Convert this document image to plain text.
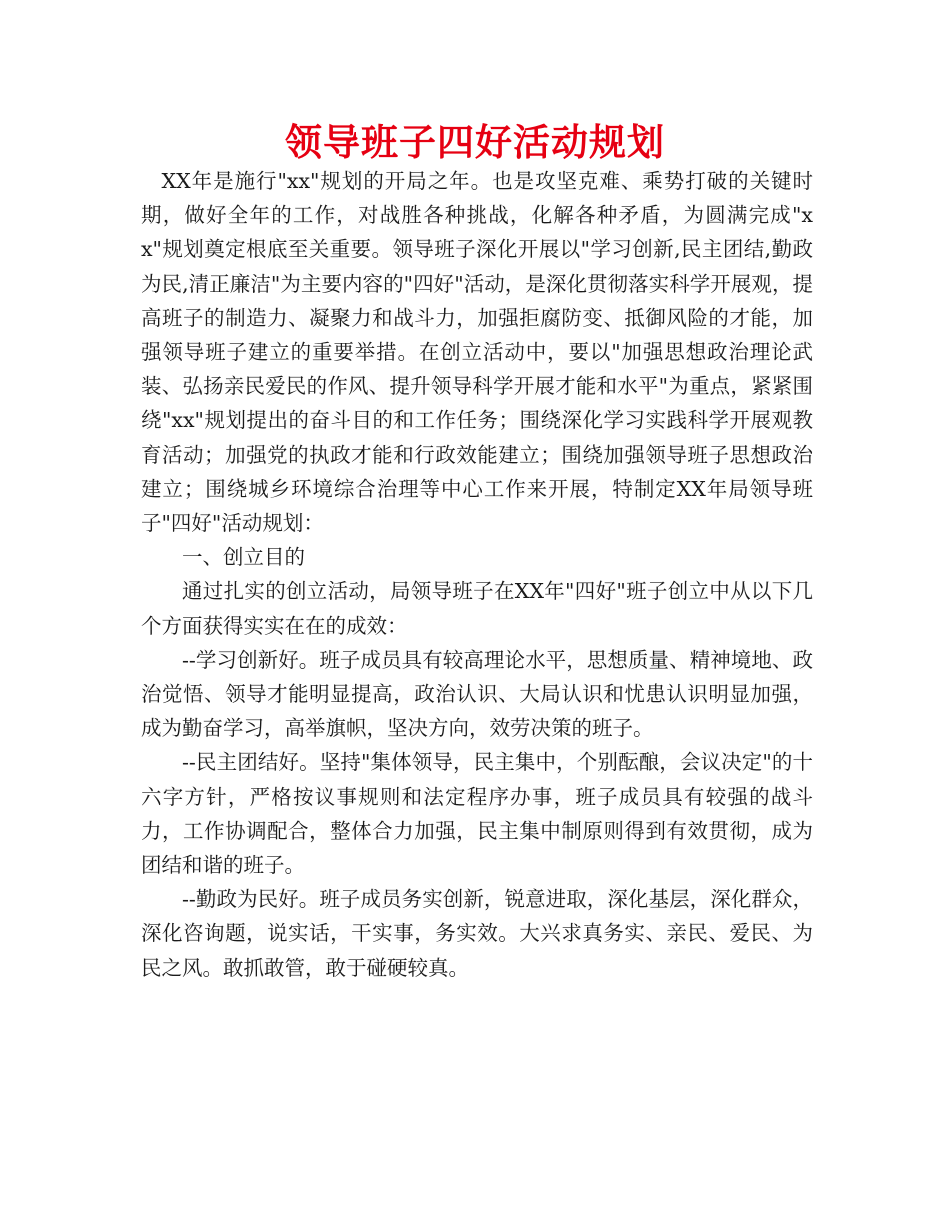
领导班子四好活动规划

XX年是施行"xx"规划的开局之年。也是攻坚克难、乘势打破的关键时期，做好全年的工作，对战胜各种挑战，化解各种矛盾，为圆满完成"xx"规划奠定根底至关重要。领导班子深化开展以"学习创新,民主团结,勤政为民,清正廉洁"为主要内容的"四好"活动，是深化贯彻落实科学开展观，提高班子的制造力、凝聚力和战斗力，加强拒腐防变、抵御风险的才能，加强领导班子建立的重要举措。在创立活动中，要以"加强思想政治理论武装、弘扬亲民爱民的作风、提升领导科学开展才能和水平"为重点，紧紧围绕"xx"规划提出的奋斗目的和工作任务；围绕深化学习实践科学开展观教育活动；加强党的执政才能和行政效能建立；围绕加强领导班子思想政治建立；围绕城乡环境综合治理等中心工作来开展，特制定XX年局领导班子"四好"活动规划：

一、创立目的

通过扎实的创立活动，局领导班子在XX年"四好"班子创立中从以下几个方面获得实实在在的成效：

--学习创新好。班子成员具有较高理论水平，思想质量、精神境地、政治觉悟、领导才能明显提高，政治认识、大局认识和忧患认识明显加强，成为勤奋学习，高举旗帜，坚决方向，效劳决策的班子。

--民主团结好。坚持"集体领导，民主集中，个别酝酿，会议决定"的十六字方针，严格按议事规则和法定程序办事，班子成员具有较强的战斗力，工作协调配合，整体合力加强，民主集中制原则得到有效贯彻，成为团结和谐的班子。

--勤政为民好。班子成员务实创新，锐意进取，深化基层，深化群众，深化咨询题，说实话，干实事，务实效。大兴求真务实、亲民、爱民、为民之风。敢抓敢管，敢于碰硬较真。
